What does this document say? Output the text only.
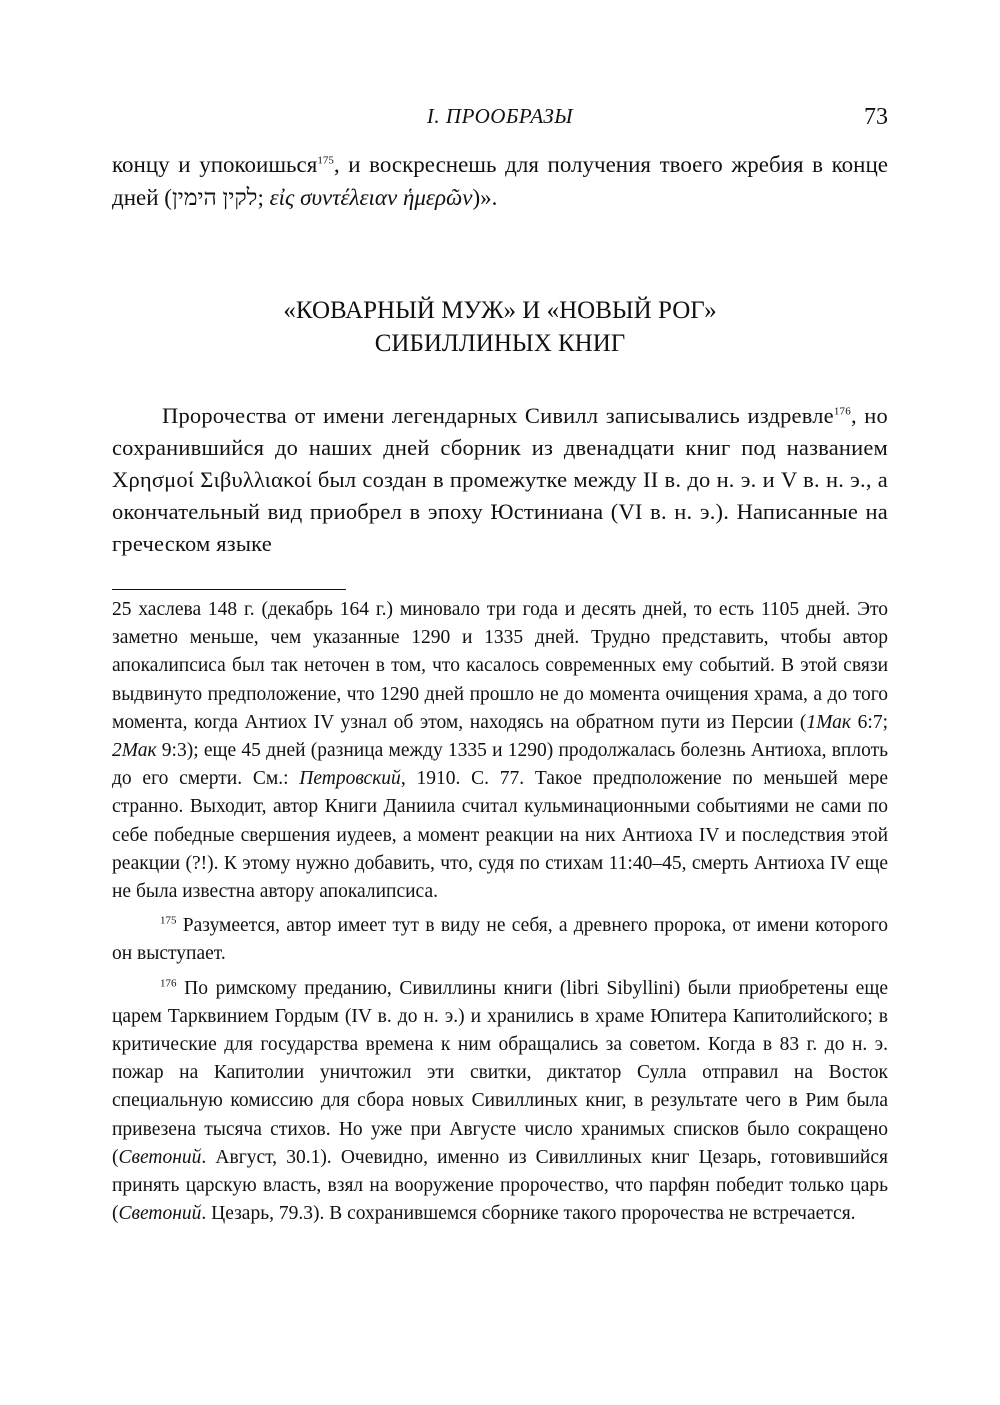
I. ПРООБРАЗЫ	73
концу и упокоишься$^{175}$, и воскреснешь для получения твоего жребия в конце дней (לקין הימין; εἰς συντέλειαν ἡμερῶν)».
«КОВАРНЫЙ МУЖ» И «НОВЫЙ РОГ»
СИБИЛЛИНЫХ КНИГ
Пророчества от имени легендарных Сивилл записывались издревле$^{176}$, но сохранившийся до наших дней сборник из двенадцати книг под названием Χρησμοί Σιβυλλιακοί был создан в промежутке между II в. до н. э. и V в. н. э., а окончательный вид приобрел в эпоху Юстиниана (VI в. н. э.). Написанные на греческом языке

25 хаслева 148 г. (декабрь 164 г.) миновало три года и десять дней, то есть 1105 дней. Это заметно меньше, чем указанные 1290 и 1335 дней. Трудно представить, чтобы автор апокалипсиса был так неточен в том, что касалось современных ему событий. В этой связи выдвинуто предположение, что 1290 дней прошло не до момента очищения храма, а до того момента, когда Антиох IV узнал об этом, находясь на обратном пути из Персии (1Мак 6:7; 2Мак 9:3); еще 45 дней (разница между 1335 и 1290) продолжалась болезнь Антиоха, вплоть до его смерти. См.: Петровский, 1910. С. 77. Такое предположение по меньшей мере странно. Выходит, автор Книги Даниила считал кульминационными событиями не сами по себе победные свершения иудеев, а момент реакции на них Антиоха IV и последствия этой реакции (?!). К этому нужно добавить, что, судя по стихам 11:40–45, смерть Антиоха IV еще не была известна автору апокалипсиса.

$^{175}$ Разумеется, автор имеет тут в виду не себя, а древнего пророка, от имени которого он выступает.

$^{176}$ По римскому преданию, Сивиллины книги (libri Sibyllini) были приобретены еще царем Тарквинием Гордым (IV в. до н. э.) и хранились в храме Юпитера Капитолийского; в критические для государства времена к ним обращались за советом. Когда в 83 г. до н. э. пожар на Капитолии уничтожил эти свитки, диктатор Сулла отправил на Восток специальную комиссию для сбора новых Сивиллиных книг, в результате чего в Рим была привезена тысяча стихов. Но уже при Августе число хранимых списков было сокращено (Светоний. Август, 30.1). Очевидно, именно из Сивиллиных книг Цезарь, готовившийся принять царскую власть, взял на вооружение пророчество, что парфян победит только царь (Светоний. Цезарь, 79.3). В сохранившемся сборнике такого пророчества не встречается.
